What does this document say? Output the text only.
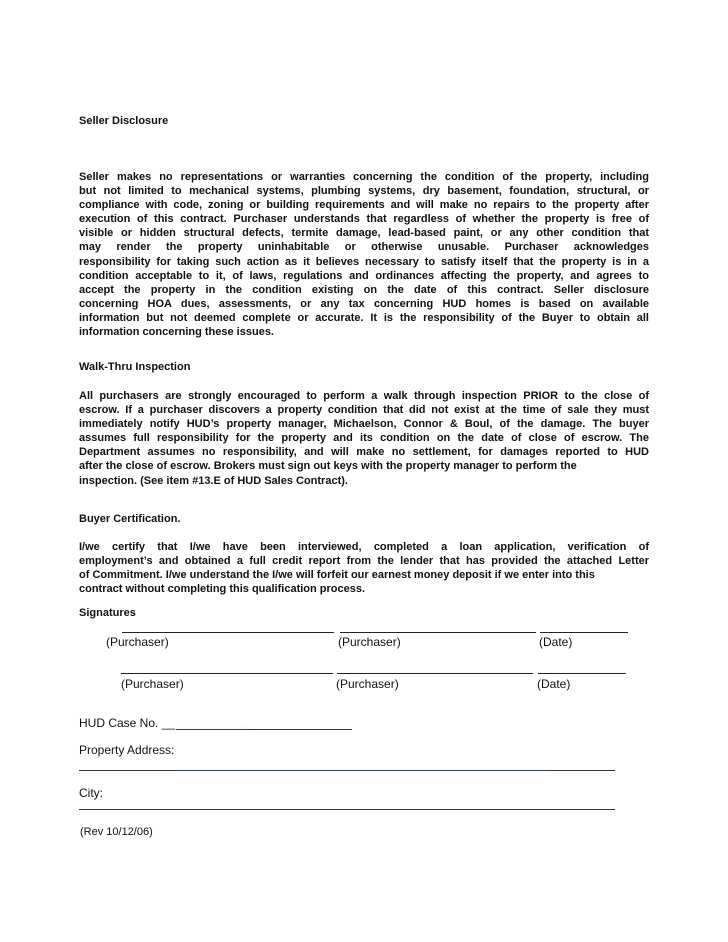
Seller Disclosure
Seller makes no representations or warranties concerning the condition of the property, including
but not limited to mechanical systems, plumbing systems, dry basement, foundation, structural, or
compliance with code, zoning or building requirements and will make no repairs to the property after
execution of this contract. Purchaser understands that regardless of whether the property is free of
visible or hidden structural defects, termite damage, lead-based paint, or any other condition that
may render the property uninhabitable or otherwise unusable. Purchaser acknowledges
responsibility for taking such action as it believes necessary to satisfy itself that the property is in a
condition acceptable to it, of laws, regulations and ordinances affecting the property, and agrees to
accept the property in the condition existing on the date of this contract. Seller disclosure
concerning HOA dues, assessments, or any tax concerning HUD homes is based on available
information but not deemed complete or accurate. It is the responsibility of the Buyer to obtain all
information concerning these issues.
Walk-Thru Inspection
All purchasers are strongly encouraged to perform a walk through inspection PRIOR to the close of
escrow. If a purchaser discovers a property condition that did not exist at the time of sale they must
immediately notify HUD’s property manager, Michaelson, Connor & Boul, of the damage. The buyer
assumes full responsibility for the property and its condition on the date of close of escrow. The
Department assumes no responsibility, and will make no settlement, for damages reported to HUD
after the close of escrow. Brokers must sign out keys with the property manager to perform the
inspection. (See item #13.E of HUD Sales Contract).
Buyer Certification.
I/we certify that I/we have been interviewed, completed a loan application, verification of
employment’s and obtained a full credit report from the lender that has provided the attached Letter
of Commitment. I/we understand the I/we will forfeit our earnest money deposit if we enter into this
contract without completing this qualification process.
Signatures
(Purchaser)	(Purchaser)	(Date)
(Purchaser)	(Purchaser)	(Date)
HUD Case No. __
Property Address:
City:
(Rev 10/12/06)
